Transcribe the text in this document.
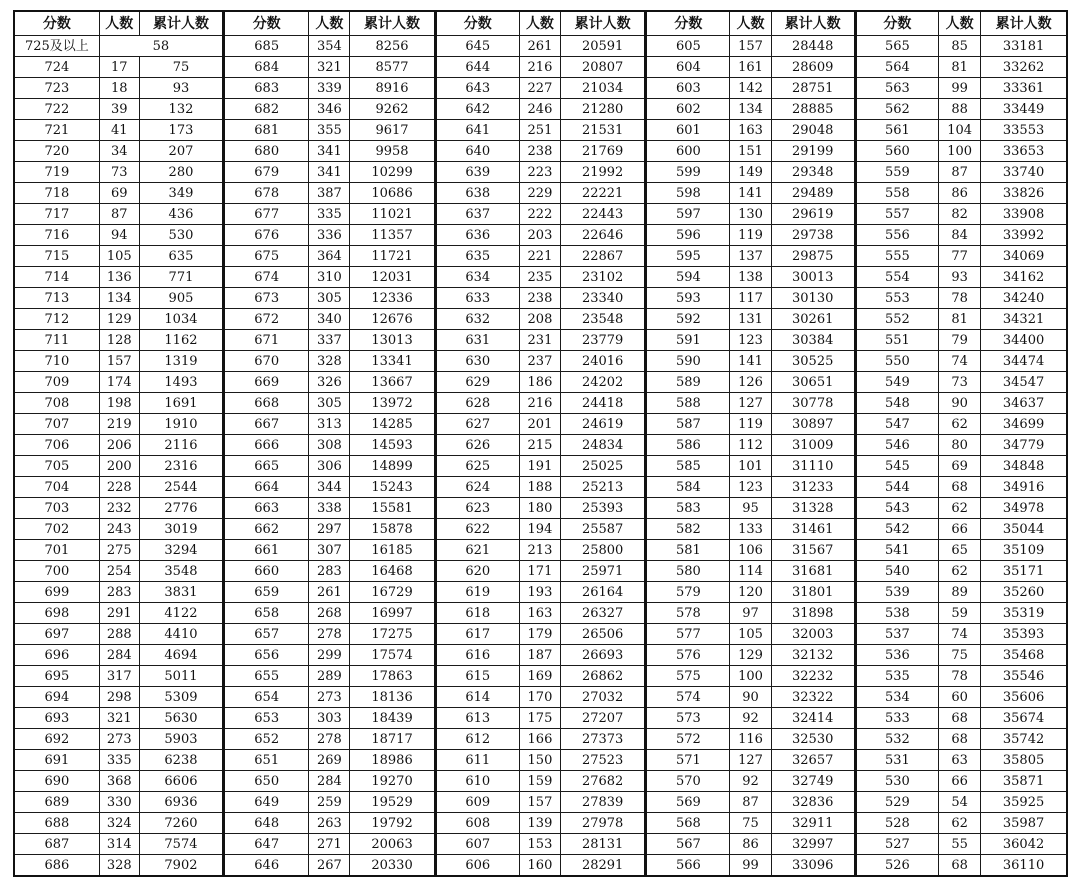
分数	人数	累计人数	分数	人数	累计人数	分数	人数	累计人数	分数	人数	累计人数	分数	人数	累计人数
725及以上	58		685	354	8256	645	261	20591	605	157	28448	565	85	33181
724	17	75	684	321	8577	644	216	20807	604	161	28609	564	81	33262
723	18	93	683	339	8916	643	227	21034	603	142	28751	563	99	33361
722	39	132	682	346	9262	642	246	21280	602	134	28885	562	88	33449
721	41	173	681	355	9617	641	251	21531	601	163	29048	561	104	33553
720	34	207	680	341	9958	640	238	21769	600	151	29199	560	100	33653
719	73	280	679	341	10299	639	223	21992	599	149	29348	559	87	33740
718	69	349	678	387	10686	638	229	22221	598	141	29489	558	86	33826
717	87	436	677	335	11021	637	222	22443	597	130	29619	557	82	33908
716	94	530	676	336	11357	636	203	22646	596	119	29738	556	84	33992
715	105	635	675	364	11721	635	221	22867	595	137	29875	555	77	34069
714	136	771	674	310	12031	634	235	23102	594	138	30013	554	93	34162
713	134	905	673	305	12336	633	238	23340	593	117	30130	553	78	34240
712	129	1034	672	340	12676	632	208	23548	592	131	30261	552	81	34321
711	128	1162	671	337	13013	631	231	23779	591	123	30384	551	79	34400
710	157	1319	670	328	13341	630	237	24016	590	141	30525	550	74	34474
709	174	1493	669	326	13667	629	186	24202	589	126	30651	549	73	34547
708	198	1691	668	305	13972	628	216	24418	588	127	30778	548	90	34637
707	219	1910	667	313	14285	627	201	24619	587	119	30897	547	62	34699
706	206	2116	666	308	14593	626	215	24834	586	112	31009	546	80	34779
705	200	2316	665	306	14899	625	191	25025	585	101	31110	545	69	34848
704	228	2544	664	344	15243	624	188	25213	584	123	31233	544	68	34916
703	232	2776	663	338	15581	623	180	25393	583	95	31328	543	62	34978
702	243	3019	662	297	15878	622	194	25587	582	133	31461	542	66	35044
701	275	3294	661	307	16185	621	213	25800	581	106	31567	541	65	35109
700	254	3548	660	283	16468	620	171	25971	580	114	31681	540	62	35171
699	283	3831	659	261	16729	619	193	26164	579	120	31801	539	89	35260
698	291	4122	658	268	16997	618	163	26327	578	97	31898	538	59	35319
697	288	4410	657	278	17275	617	179	26506	577	105	32003	537	74	35393
696	284	4694	656	299	17574	616	187	26693	576	129	32132	536	75	35468
695	317	5011	655	289	17863	615	169	26862	575	100	32232	535	78	35546
694	298	5309	654	273	18136	614	170	27032	574	90	32322	534	60	35606
693	321	5630	653	303	18439	613	175	27207	573	92	32414	533	68	35674
692	273	5903	652	278	18717	612	166	27373	572	116	32530	532	68	35742
691	335	6238	651	269	18986	611	150	27523	571	127	32657	531	63	35805
690	368	6606	650	284	19270	610	159	27682	570	92	32749	530	66	35871
689	330	6936	649	259	19529	609	157	27839	569	87	32836	529	54	35925
688	324	7260	648	263	19792	608	139	27978	568	75	32911	528	62	35987
687	314	7574	647	271	20063	607	153	28131	567	86	32997	527	55	36042
686	328	7902	646	267	20330	606	160	28291	566	99	33096	526	68	36110
